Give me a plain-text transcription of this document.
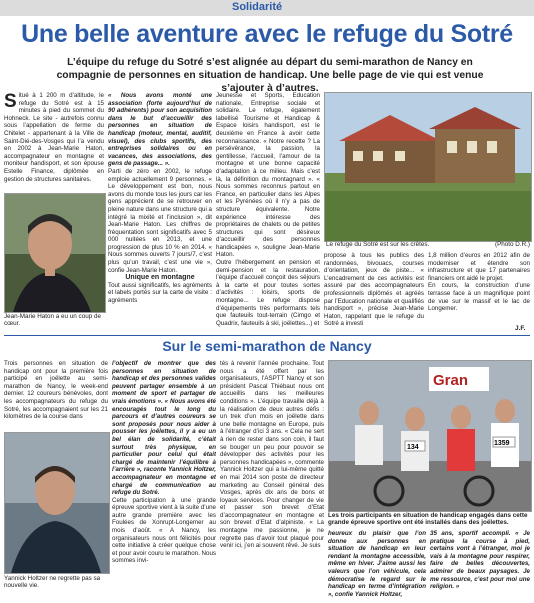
Solidarité
Une belle aventure avec le refuge du Sotré
L’équipe du refuge du Sotré s’est alignée au départ du semi-marathon de Nancy en compagnie de personnes en situation de handicap. Une belle page de vie qui est venue s’ajouter à d’autres.
S itué à 1 200 m d’altitude, le refuge du Sotré est à 15 minutes à pied du sommet du Hohneck. Le site - autrefois connu sous l’appellation de ferme du Chitelet - appartenant à la Ville de Saint-Dié-des-Vosges qui l’a vendu en 2002 à Jean-Marie Haton, accompagnateur en montagne et moniteur handisport, et son épouse Estelle Finance, diplômée en gestion de structures sanitaires.
Jean-Marie Haton a eu un coup de cœur.

« Nous avons monté une association (forte aujourd’hui de 90 adhérents) pour son acquisition dans le but d’accueillir des personnes en situation de handicap (moteur, mental, auditif, visuel), des clubs sportifs, des entreprises solidaires ou en vacances, des associations, des gens de passage... ».

Parti de zéro en 2002, le refuge emploie actuellement 9 personnes. « Le développement est bon, nous avons du monde tous les jours car les gens apprécient de se retrouver en pleine nature dans une structure qui a intégré la mixité et l’inclusion », dit Jean-Marie Haton. Les chiffres de fréquentation sont significatifs avec 5 000 nuitées en 2013, et une progression de plus 10 % en 2014. « Nous sommes ouverts 7 jours/7, c’est plus qu’un travail, c’est une vie », confie Jean-Marie Haton.

Unique en montagne

Tout aussi significatifs, les agréments et labels portés sur la carte de visite : agréments

Jeunesse et Sports, Education nationale, Entreprise sociale et solidaire. Le refuge, également labellisé Tourisme et Handicap & Espace loisirs handisport, est le deuxième en France à avoir cette reconnaissance. « Notre recette ? La persévérance, la passion, la gentillesse, l’accueil, l’amour de la montagne et une bonne capacité d’adaptation à ce milieu. Mais c’est là, la définition du montagnard ». « Nous sommes reconnus partout en France, en particulier dans les Alpes et les Pyrénées où il n’y a pas de structure équivalente. Notre expérience intéresse des propriétaires de chalets ou de petites structures qui sont désireux d’accueillir des personnes handicapées », souligne Jean-Marie Haton.

Outre l’hébergement en pension et demi-pension et la restauration, l’équipe d’accueil conçoit des séjours à la carte et pour toutes sortes d’activités : loisirs, sports de montagne... Le refuge dispose d’équipements très performants tels que fauteuils tout-terrain (Cimgo et Quadrix, fauteuils à ski, joëlettes...) et

Le refuge du Sotré est sur les crêtes.	(Photo D.R.)

propose à tous les publics des randonnées, bivouacs, courses d’orientation, jeux de piste... « L’encadrement de ces activités est assuré par des accompagnateurs professionnels diplômés et agréés par l’Education nationale et qualifiés handisport », précise Jean-Marie Haton, rappelant que le refuge du Sotré a investi

1,8 million d’euros en 2012 afin de moderniser et étendre son infrastructure et que 17 partenaires financiers ont aidé le projet.

En cours, la construction d’une terrasse face à un magnifique point de vue sur le massif et le lac de Longemer.

J.F.
Sur le semi-marathon de Nancy

Trois personnes en situation de handicap ont pour la première fois participé en joëlette au semi-marathon de Nancy, le week-end dernier. 12 coureurs bénévoles, dont les accompagnateurs du refuge du Sotré, les accompagnaient sur les 21 kilomètres de la course dans

Yannick Holtzer ne regrette pas sa nouvelle vie.

l’objectif de montrer que des personnes en situation de handicap et des personnes valides peuvent partager ensemble à un moment de sport et partager de vrais émotions ». « Nous avons été encouragés tout le long du parcours et d’autres coureurs se sont proposés pour nous aider à pousser les joëlettes, il y a eu un bel élan de solidarité, c’était surtout très physique, en particulier pour celui qui était chargé de maintenir l’équilibre à l’arrière », raconte Yannick Holtzer, accompagnateur en montagne et chargé de communication au refuge du Sotré.

Cette participation à une grande épreuve sportive vient à la suite d’une autre grande première avec les Foulées de Xonrupt-Longemer au mois d’août. « A Nancy, les organisateurs nous ont félicités pour cette initiative à créer quelque chose et pour avoir couru le marathon. Nous sommes invi-

tés à revenir l’année prochaine. Tout nous a été offert par les organisateurs, l’ASPTT Nancy et son président Pascal Thiébaut nous ont accueillis dans les meilleures conditions ». L’équipe travaille déjà à la réalisation de deux autres défis : un trek d’un mois en joëlette dans une belle montagne en Europe, puis à l’étranger d’ici 3 ans. « Cela ne sert à rien de rester dans son coin, il faut se bouger un peu pour pouvoir se développer des activités pour les personnes handicapées », commente Yannick Holtzer qui a lui-même quitté en mai 2014 son poste de directeur marketing au Conseil général des Vosges, après dix ans de bons et loyaux services. Pour changer de vie et passer son brevet d’Etat d’accompagnateur en montagne et son brevet d’Etat d’alpiniste. « La montagne me passionne, je ne regrette pas d’avoir tout plaqué pour venir ici, j’en ai souvent rêvé. Je suis

Gran
134
1359
Les trois participants en situation de handicap engagés dans cette grande épreuve sportive ont été installés dans des joëlettes.

heureux du plaisir que l’on donne aux personnes en situation de handicap en leur rendant la montagne accessible, même en hiver. J’aime aussi les valeurs que l’on véhicule, cela démocratise le regard sur le handicap en terme d’intégration », confie Yannick Holtzer,

35 ans, sportif accompli. « Je pratique la course à pied, certains vont à l’étranger, moi je vais à la montagne pour respirer, faire de belles découvertes, admirer de beaux paysages. Je me ressource, c’est pour moi une religion. »
